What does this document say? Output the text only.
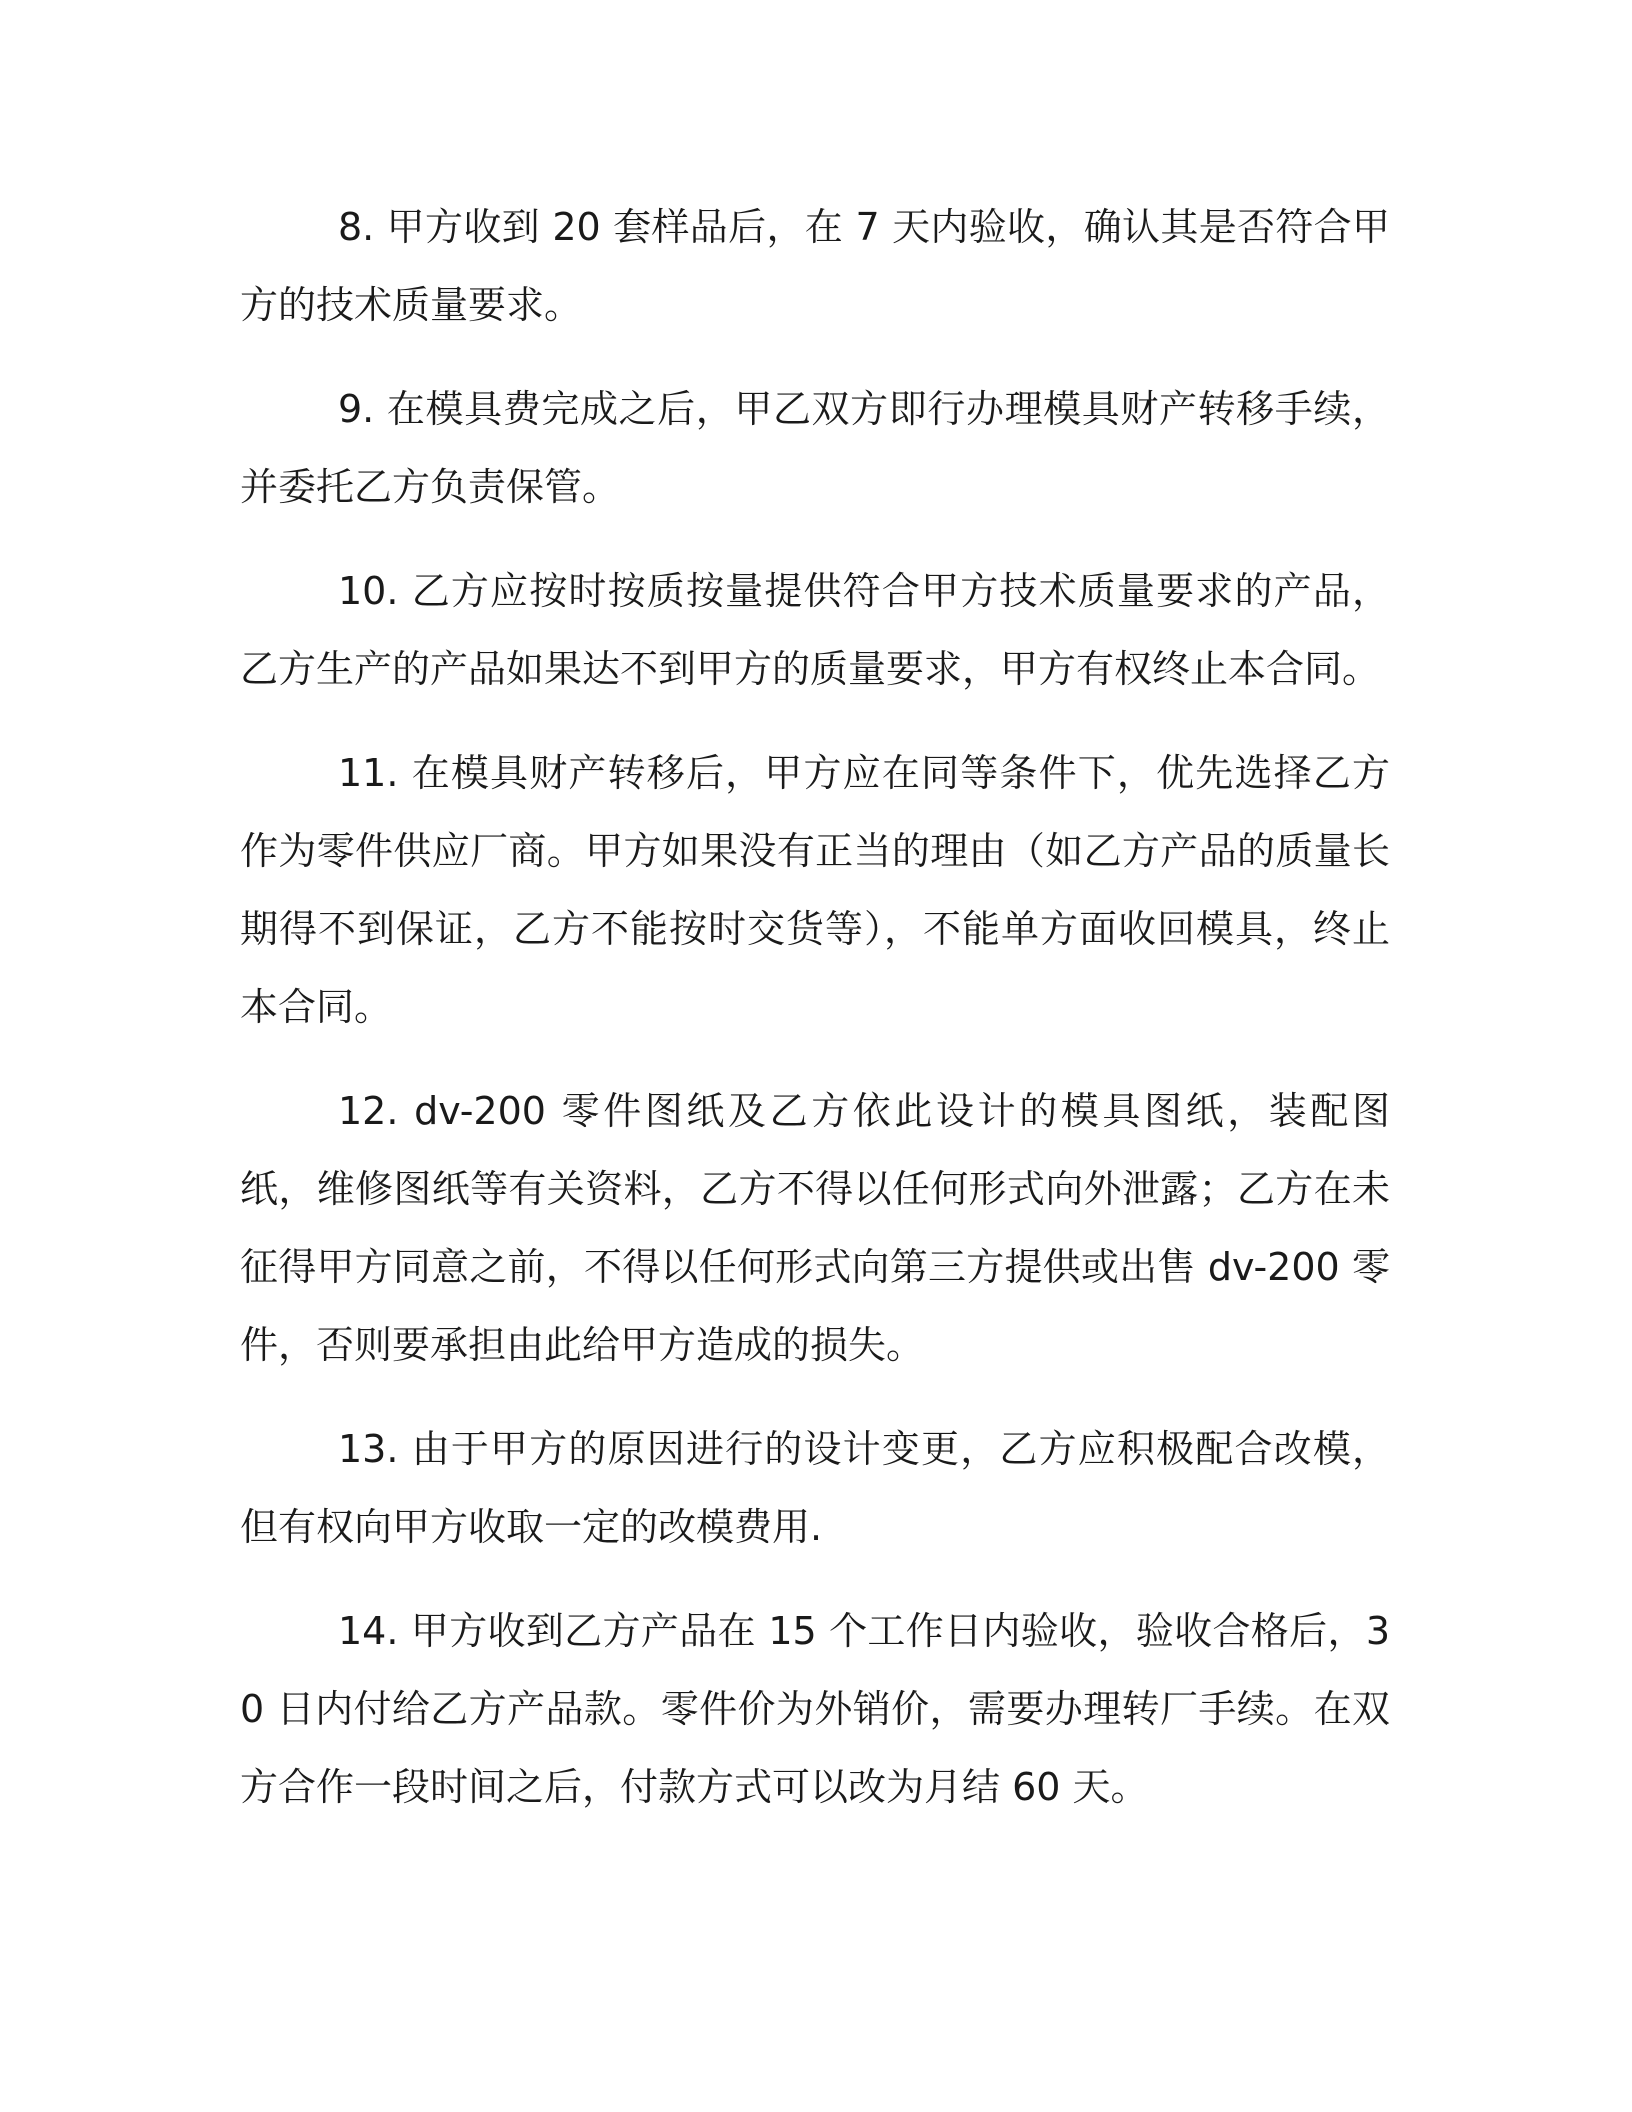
8. 甲方收到 20 套样品后，在 7 天内验收，确认其是否符合甲方的技术质量要求。

9. 在模具费完成之后，甲乙双方即行办理模具财产转移手续，并委托乙方负责保管。

10. 乙方应按时按质按量提供符合甲方技术质量要求的产品，乙方生产的产品如果达不到甲方的质量要求，甲方有权终止本合同。

11. 在模具财产转移后，甲方应在同等条件下，优先选择乙方作为零件供应厂商。甲方如果没有正当的理由（如乙方产品的质量长期得不到保证，乙方不能按时交货等），不能单方面收回模具，终止本合同。

12. dv-200 零件图纸及乙方依此设计的模具图纸，装配图纸，维修图纸等有关资料，乙方不得以任何形式向外泄露；乙方在未征得甲方同意之前，不得以任何形式向第三方提供或出售 dv-200 零件，否则要承担由此给甲方造成的损失。

13. 由于甲方的原因进行的设计变更，乙方应积极配合改模，但有权向甲方收取一定的改模费用.

14. 甲方收到乙方产品在 15 个工作日内验收，验收合格后，30 日内付给乙方产品款。零件价为外销价，需要办理转厂手续。在双方合作一段时间之后，付款方式可以改为月结 60 天。
